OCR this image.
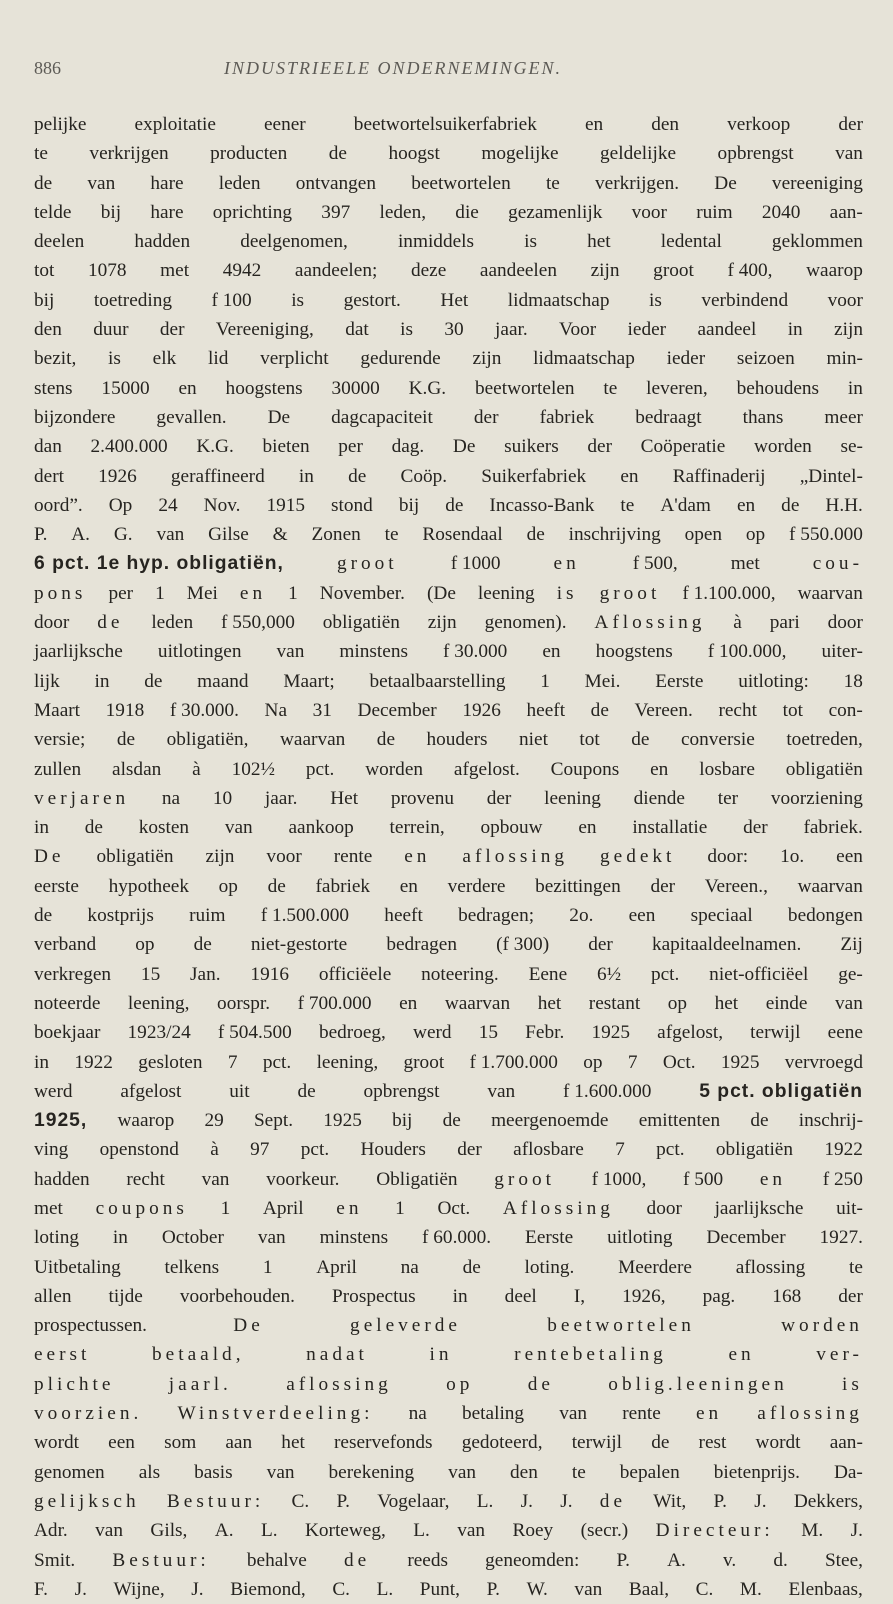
886	INDUSTRIEELE ONDERNEMINGEN.
pelijke exploitatie eener beetwortelsuikerfabriek en den verkoop der
te verkrijgen producten de hoogst mogelijke geldelijke opbrengst van
de van hare leden ontvangen beetwortelen te verkrijgen. De vereeniging
telde bij hare oprichting 397 leden, die gezamenlijk voor ruim 2040 aan-
deelen	hadden	deelgenomen,	inmiddels	is	het	ledental	geklommen
tot 1078 met 4942 aandeelen; deze aandeelen zijn groot f 400, waarop
bij toetreding f 100 is gestort. Het lidmaatschap is verbindend voor
den duur der Vereeniging, dat is 30 jaar. Voor ieder aandeel in zijn
bezit, is elk lid verplicht gedurende zijn lidmaatschap ieder seizoen min-
stens 15000 en hoogstens 30000 K.G. beetwortelen te leveren, behoudens in
bijzondere gevallen. De dagcapaciteit der fabriek bedraagt thans meer
dan 2.400.000 K.G. bieten per dag. De suikers der Coöperatie worden se-
dert 1926 geraffineerd in de Coöp. Suikerfabriek en Raffinaderij „Dintel-
oord”. Op 24 Nov. 1915 stond bij de Incasso-Bank te A'dam en de H.H.
P. A. G. van Gilse & Zonen te Rosendaal de inschrijving open op f 550.000
6 pct. 1e hyp. obligatiën,	groot	f 1000	en	f 500,	met	cou-
pons per 1 Mei en 1 November. (De leening is groot f 1.100.000, waarvan
door de leden f 550,000 obligatiën zijn genomen). Aflossing à pari door
jaarlijksche uitlotingen van minstens f 30.000 en hoogstens f 100.000, uiter-
lijk in de maand Maart; betaalbaarstelling 1 Mei. Eerste uitloting: 18
Maart 1918 f 30.000. Na 31 December 1926 heeft de Vereen. recht tot con-
versie; de obligatiën, waarvan de houders niet tot de conversie toetreden,
zullen alsdan à 102½ pct. worden afgelost. Coupons en losbare obligatiën
verjaren na 10 jaar. Het provenu der leening diende ter voorziening
in de kosten van aankoop terrein, opbouw en installatie der fabriek.
De obligatiën zijn voor rente en aflossing gedekt door: 1o. een
eerste hypotheek op de fabriek en verdere bezittingen der Vereen., waarvan
de kostprijs ruim f 1.500.000 heeft bedragen; 2o. een speciaal bedongen
verband op de niet-gestorte bedragen (f 300) der kapitaaldeelnamen. Zij
verkregen 15 Jan. 1916 officiëele noteering. Eene 6½ pct. niet-officiëel ge-
noteerde leening, oorspr. f 700.000 en waarvan het restant op het einde van
boekjaar 1923/24 f 504.500 bedroeg, werd 15 Febr. 1925 afgelost, terwijl eene
in 1922 gesloten 7 pct. leening, groot f 1.700.000 op 7 Oct. 1925 vervroegd
werd afgelost uit de opbrengst van f 1.600.000 5 pct. obligatiën
1925, waarop 29 Sept. 1925 bij de meergenoemde emittenten de inschrij-
ving openstond à 97 pct. Houders der aflosbare 7 pct. obligatiën 1922
hadden recht van voorkeur. Obligatiën groot f 1000, f 500 en f 250
met coupons 1 April en 1 Oct. Aflossing door jaarlijksche uit-
loting in October van minstens f 60.000. Eerste uitloting December 1927.
Uitbetaling telkens 1 April na de loting. Meerdere aflossing te
allen tijde voorbehouden. Prospectus in deel I, 1926, pag. 168 der
prospectussen.	De	geleverde	beetwortelen	worden
eerst	betaald,	nadat	in	rentebetaling	en	ver-
plichte	jaarl.	aflossing	op	de	oblig.leeningen	is
voorzien. Winstverdeeling: na betaling van rente en aflossing
wordt een som aan het reservefonds gedoteerd, terwijl de rest wordt aan-
genomen als basis van berekening van den te bepalen bietenprijs. Da-
gelijksch Bestuur: C. P. Vogelaar, L. J. J. de Wit, P. J. Dekkers,
Adr. van Gils, A. L. Korteweg, L. van Roey (secr.) Directeur: M. J.
Smit. Bestuur: behalve de reeds geneomden: P. A. v. d. Stee,
F. J. Wijne, J. Biemond, C. L. Punt, P. W. van Baal, C. M. Elenbaas,
